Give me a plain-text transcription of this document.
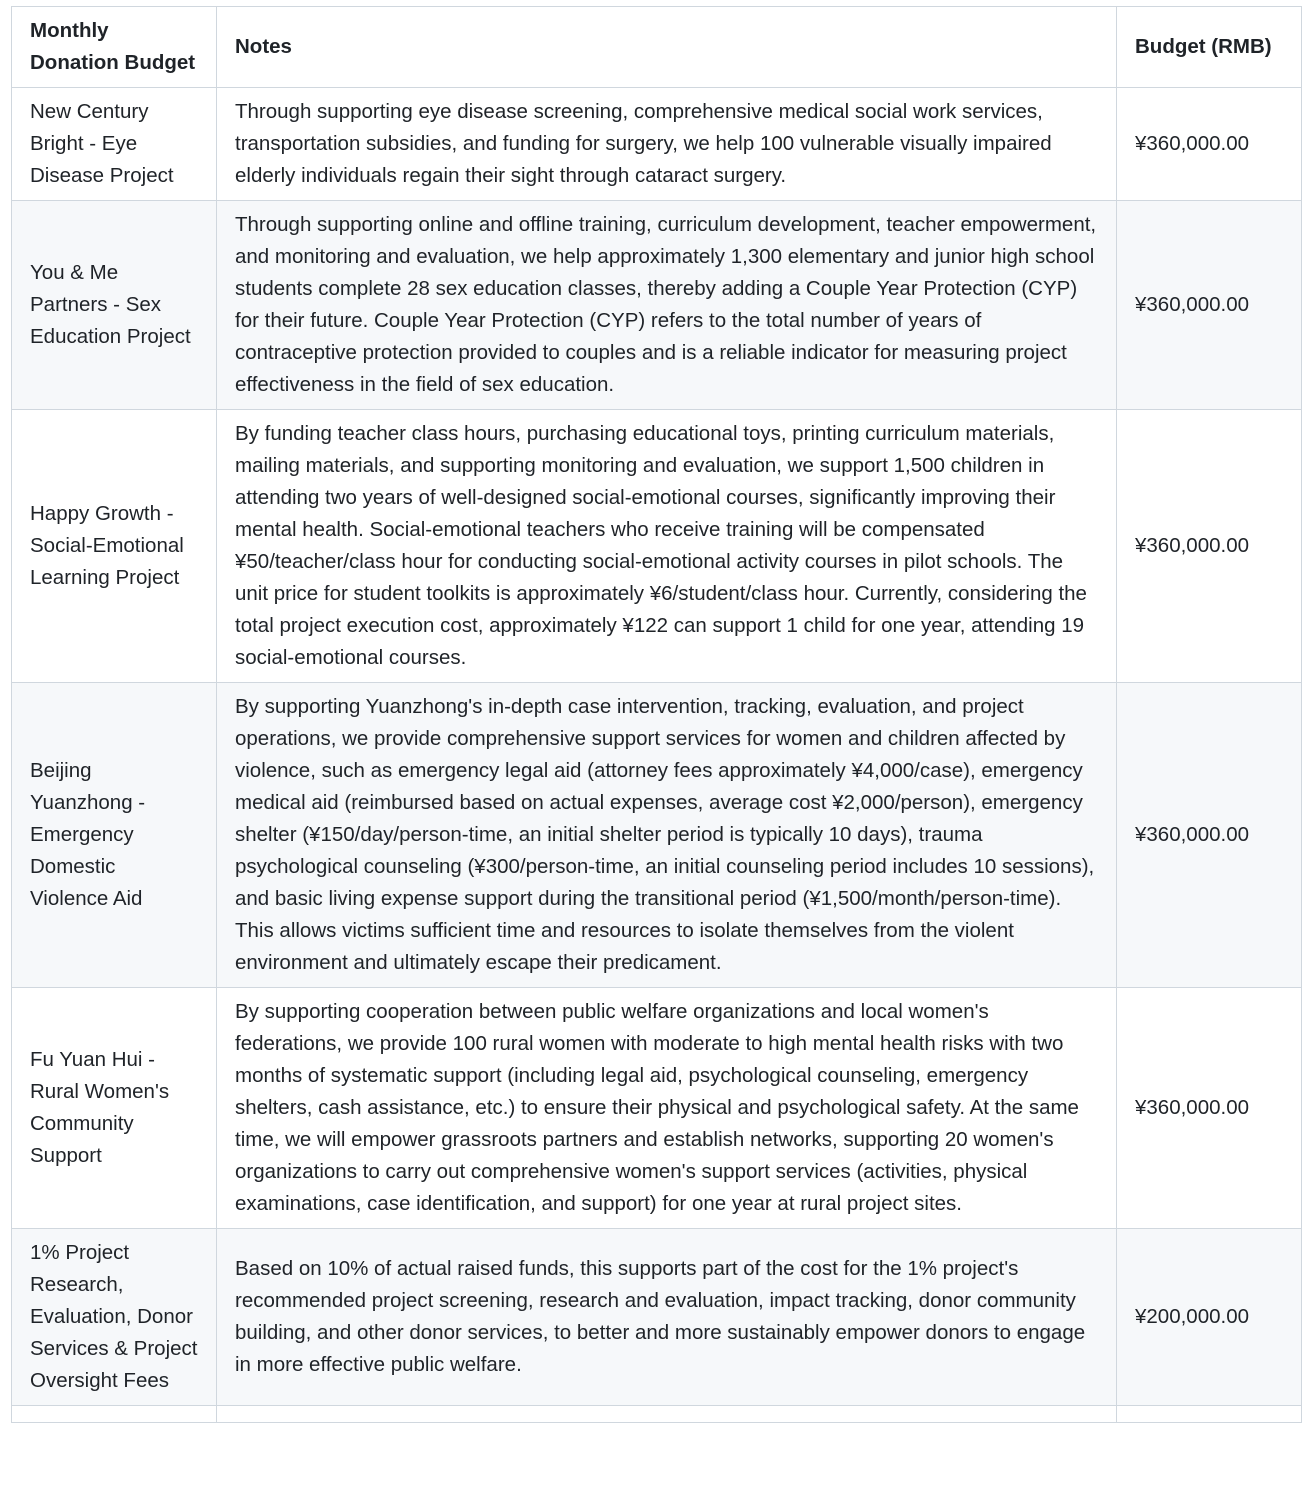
Monthly Donation Budget	Notes	Budget (RMB)
New Century Bright - Eye Disease Project	Through supporting eye disease screening, comprehensive medical social work services, transportation subsidies, and funding for surgery, we help 100 vulnerable visually impaired elderly individuals regain their sight through cataract surgery.	¥360,000.00
You & Me Partners - Sex Education Project	Through supporting online and offline training, curriculum development, teacher empowerment, and monitoring and evaluation, we help approximately 1,300 elementary and junior high school students complete 28 sex education classes, thereby adding a Couple Year Protection (CYP) for their future. Couple Year Protection (CYP) refers to the total number of years of contraceptive protection provided to couples and is a reliable indicator for measuring project effectiveness in the field of sex education.	¥360,000.00
Happy Growth - Social-Emotional Learning Project	By funding teacher class hours, purchasing educational toys, printing curriculum materials, mailing materials, and supporting monitoring and evaluation, we support 1,500 children in attending two years of well-designed social-emotional courses, significantly improving their mental health. Social-emotional teachers who receive training will be compensated ¥50/teacher/class hour for conducting social-emotional activity courses in pilot schools. The unit price for student toolkits is approximately ¥6/student/class hour. Currently, considering the total project execution cost, approximately ¥122 can support 1 child for one year, attending 19 social-emotional courses.	¥360,000.00
Beijing Yuanzhong - Emergency Domestic Violence Aid	By supporting Yuanzhong's in-depth case intervention, tracking, evaluation, and project operations, we provide comprehensive support services for women and children affected by violence, such as emergency legal aid (attorney fees approximately ¥4,000/case), emergency medical aid (reimbursed based on actual expenses, average cost ¥2,000/person), emergency shelter (¥150/day/person-time, an initial shelter period is typically 10 days), trauma psychological counseling (¥300/person-time, an initial counseling period includes 10 sessions), and basic living expense support during the transitional period (¥1,500/month/person-time). This allows victims sufficient time and resources to isolate themselves from the violent environment and ultimately escape their predicament.	¥360,000.00
Fu Yuan Hui - Rural Women's Community Support	By supporting cooperation between public welfare organizations and local women's federations, we provide 100 rural women with moderate to high mental health risks with two months of systematic support (including legal aid, psychological counseling, emergency shelters, cash assistance, etc.) to ensure their physical and psychological safety. At the same time, we will empower grassroots partners and establish networks, supporting 20 women's organizations to carry out comprehensive women's support services (activities, physical examinations, case identification, and support) for one year at rural project sites.	¥360,000.00
1% Project Research, Evaluation, Donor Services & Project Oversight Fees	Based on 10% of actual raised funds, this supports part of the cost for the 1% project's recommended project screening, research and evaluation, impact tracking, donor community building, and other donor services, to better and more sustainably empower donors to engage in more effective public welfare.	¥200,000.00
